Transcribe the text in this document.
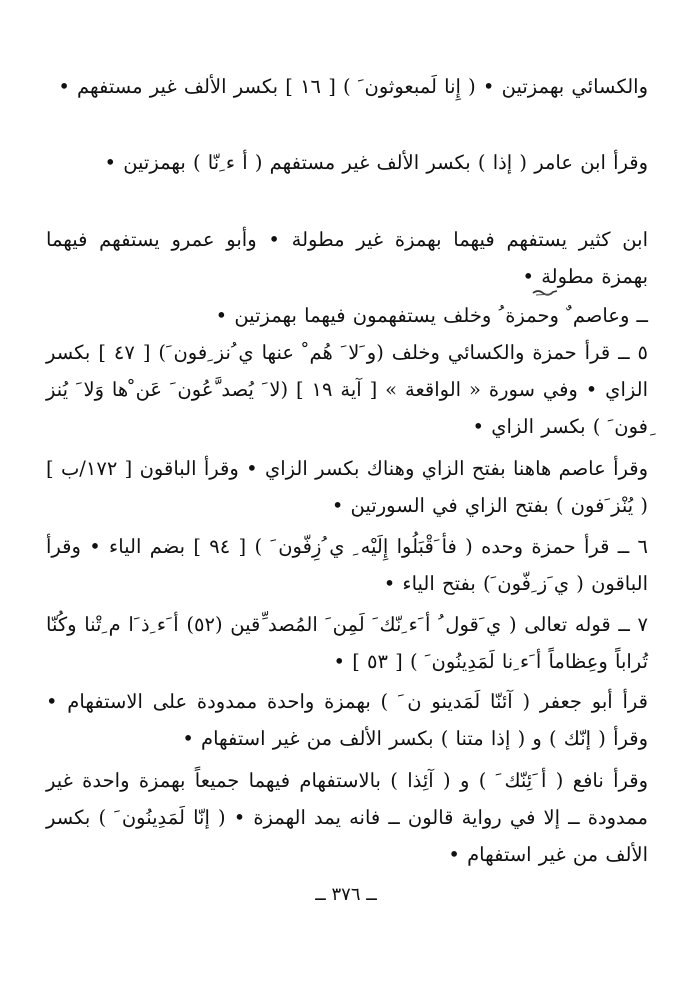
والكسائي بهمزتين • ( إِنا لَمبعوثون َ ) [ ١٦ ] بكسر الألف غير مستفهم •
وقرأ ابن عامر ( إذا ) بكسر الألف غير مستفهم ( أ ء ِنّا ) بهمزتين •
ابن كثير يستفهم فيهما بهمزة غير مطولة • وأبو عمرو يستفهم فيهما بهمزة مطولة •
ــ وعاصم ٌ وحمزة ُ وخلف يستفهمون فيهما بهمزتين •
٥ ــ قرأ حمزة والكسائي وخلف (و َلا َ هُم ْ عنها ي ُنز ِفون َ) [ ٤٧ ] بكسر الزاي • وفي سورة « الواقعة » [ آية ١٩ ] (لا َ يُصد َّعُون َ عَن ْها وَلا َ يُنز ِفون َ ) بكسر الزاي •
وقرأ عاصم هاهنا بفتح الزاي وهناك بكسر الزاي • وقرأ الباقون [ ١٧٢/ب ] ( يُنْز َفون ) بفتح الزاي في السورتين •
٦ ــ قرأ حمزة وحده ( فأ َقْبَلُوا إِلَيْه ِ ي ُزِفّون َ ) [ ٩٤ ] بضم الياء • وقرأ الباقون ( ي َز ِفّون َ) بفتح الياء •
٧ ــ قوله تعالى ( ي َقول ُ أ َء ِنّك َ لَمِن َ المُصد ِّقين (٥٢) أ َء ِذ َا م ِتْنا وكُنّا تُراباً وعِظاماً أ َء ِنا لَمَدِينُون َ ) [ ٥٣ ] •
قرأ أبو جعفر ( آئنّا لَمَدينو ن َ ) بهمزة واحدة ممدودة على الاستفهام • وقرأ ( إنّك ) و ( إذا متنا ) بكسر الألف من غير استفهام •
وقرأ نافع ( أ َئِنّك َ ) و ( آئِذا ) بالاستفهام فيهما جميعاً بهمزة واحدة غير ممدودة ــ إلا في رواية قالون ــ فانه يمد الهمزة • ( إنّا لَمَدِينُون َ ) بكسر الألف من غير استفهام •
ــ ٣٧٦ ــ
